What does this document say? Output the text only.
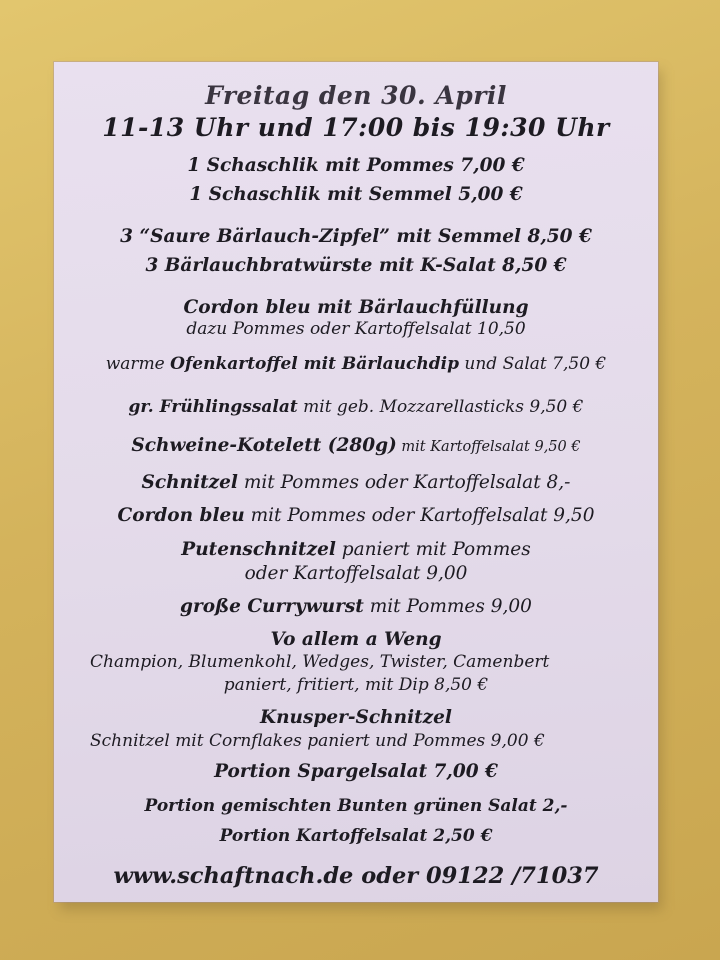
Freitag den 30. April
11-13 Uhr und 17:00 bis 19:30 Uhr
1 Schaschlik mit Pommes 7,00 €
1 Schaschlik mit Semmel 5,00 €
3 “Saure Bärlauch-Zipfel” mit Semmel 8,50 €
3 Bärlauchbratwürste mit K-Salat 8,50 €
Cordon bleu mit Bärlauchfüllung
dazu Pommes oder Kartoffelsalat 10,50
warme Ofenkartoffel mit Bärlauchdip und Salat 7,50 €
gr. Frühlingssalat mit geb. Mozzarellasticks 9,50 €
Schweine-Kotelett (280g) mit Kartoffelsalat 9,50 €
Schnitzel mit Pommes oder Kartoffelsalat 8,-
Cordon bleu mit Pommes oder Kartoffelsalat 9,50
Putenschnitzel paniert mit Pommes
oder Kartoffelsalat 9,00
große Currywurst mit Pommes 9,00
Vo allem a Weng
Champion, Blumenkohl, Wedges, Twister, Camenbert
paniert, fritiert, mit Dip 8,50 €
Knusper-Schnitzel
Schnitzel mit Cornflakes paniert und Pommes 9,00 €
Portion Spargelsalat 7,00 €
Portion gemischten Bunten grünen Salat 2,-
Portion Kartoffelsalat 2,50 €
www.schaftnach.de oder 09122 /71037
